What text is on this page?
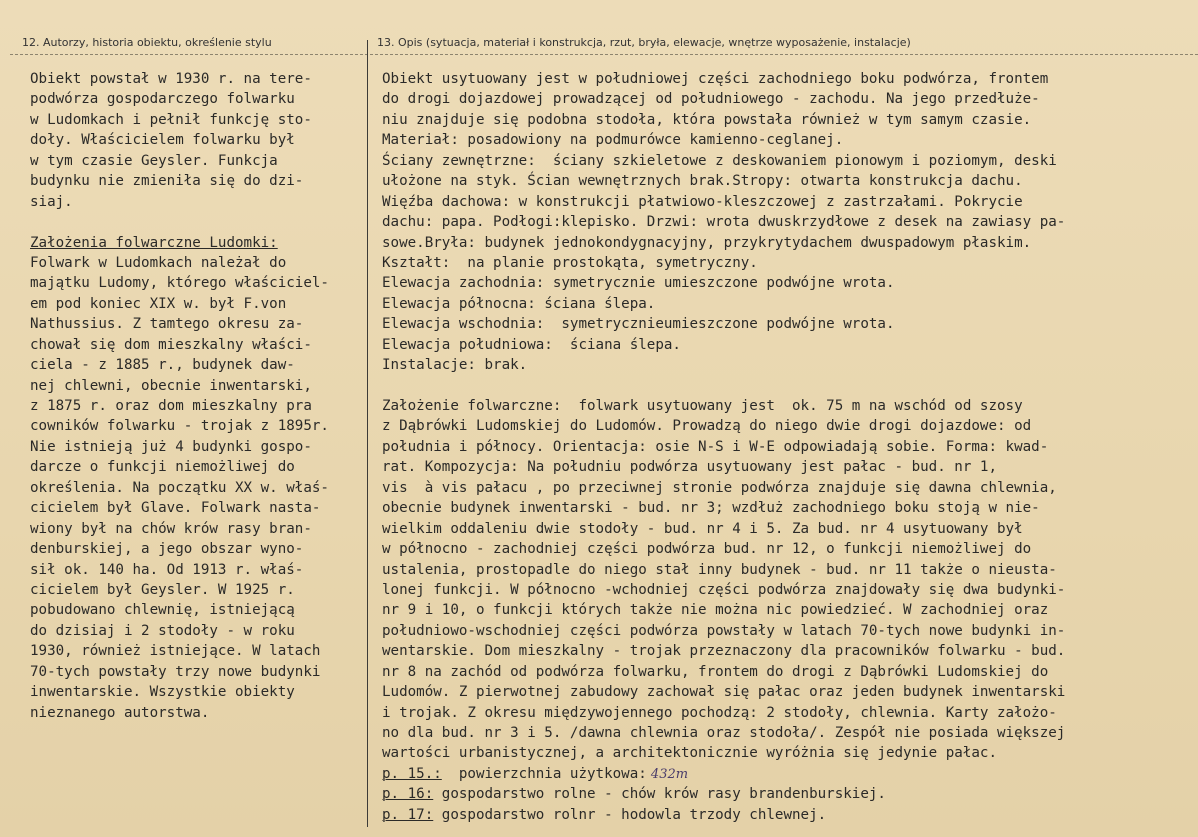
12. Autorzy, historia obiektu, określenie stylu	13. Opis (sytuacja, materiał i konstrukcja, rzut, bryła, elewacje, wnętrze wyposażenie, instalacje)
Obiekt powstał w 1930 r. na tere-
podwórza gospodarczego folwarku
w Ludomkach i pełnił funkcję sto-
doły. Właścicielem folwarku był
w tym czasie Geysler. Funkcja
budynku nie zmieniła się do dzi-
siaj.
Założenia folwarczne Ludomki:
Folwark w Ludomkach należał do
majątku Ludomy, którego właściciel-
em pod koniec XIX w. był F.von
Nathussius. Z tamtego okresu za-
chował się dom mieszkalny właści-
ciela - z 1885 r., budynek daw-
nej chlewni, obecnie inwentarski,
z 1875 r. oraz dom mieszkalny pra
cowników folwarku - trojak z 1895r.
Nie istnieją już 4 budynki gospo-
darcze o funkcji niemożliwej do
określenia. Na początku XX w. właś-
cicielem był Glave. Folwark nasta-
wiony był na chów krów rasy bran-
denburskiej, a jego obszar wyno-
sił ok. 140 ha. Od 1913 r. właś-
cicielem był Geysler. W 1925 r.
pobudowano chlewnię, istniejącą
do dzisiaj i 2 stodoły - w roku
1930, również istniejące. W latach
70-tych powstały trzy nowe budynki
inwentarskie. Wszystkie obiekty
nieznanego autorstwa.
Obiekt usytuowany jest w południowej części zachodniego boku podwórza, frontem
do drogi dojazdowej prowadzącej od południowego - zachodu. Na jego przedłuże-
niu znajduje się podobna stodoła, która powstała również w tym samym czasie.
Materiał: posadowiony na podmurówce kamienno-ceglanej.
Ściany zewnętrzne:  ściany szkieletowe z deskowaniem pionowym i poziomym, deski
ułożone na styk. Ścian wewnętrznych brak.Stropy: otwarta konstrukcja dachu.
Więźba dachowa: w konstrukcji płatwiowo-kleszczowej z zastrzałami. Pokrycie
dachu: papa. Podłogi:klepisko. Drzwi: wrota dwuskrzydłowe z desek na zawiasy pa-
sowe.Bryła: budynek jednokondygnacyjny, przykrytydachem dwuspadowym płaskim.
Kształt:  na planie prostokąta, symetryczny.
Elewacja zachodnia: symetrycznie umieszczone podwójne wrota.
Elewacja północna: ściana ślepa.
Elewacja wschodnia:  symetrycznieumieszczone podwójne wrota.
Elewacja południowa:  ściana ślepa.
Instalacje: brak.
Założenie folwarczne:  folwark usytuowany jest  ok. 75 m na wschód od szosy
z Dąbrówki Ludomskiej do Ludomów. Prowadzą do niego dwie drogi dojazdowe: od
południa i północy. Orientacja: osie N-S i W-E odpowiadają sobie. Forma: kwad-
rat. Kompozycja: Na południu podwórza usytuowany jest pałac - bud. nr 1,
vis  à vis pałacu , po przeciwnej stronie podwórza znajduje się dawna chlewnia,
obecnie budynek inwentarski - bud. nr 3; wzdłuż zachodniego boku stoją w nie-
wielkim oddaleniu dwie stodoły - bud. nr 4 i 5. Za bud. nr 4 usytuowany był
w północno - zachodniej części podwórza bud. nr 12, o funkcji niemożliwej do
ustalenia, prostopadle do niego stał inny budynek - bud. nr 11 także o nieusta-
lonej funkcji. W północno -wchodniej części podwórza znajdowały się dwa budynki-
nr 9 i 10, o funkcji których także nie można nic powiedzieć. W zachodniej oraz
południowo-wschodniej części podwórza powstały w latach 70-tych nowe budynki in-
wentarskie. Dom mieszkalny - trojak przeznaczony dla pracowników folwarku - bud.
nr 8 na zachód od podwórza folwarku, frontem do drogi z Dąbrówki Ludomskiej do
Ludomów. Z pierwotnej zabudowy zachował się pałac oraz jeden budynek inwentarski
i trojak. Z okresu międzywojennego pochodzą: 2 stodoły, chlewnia. Karty założo-
no dla bud. nr 3 i 5. /dawna chlewnia oraz stodoła/. Zespół nie posiada większej
wartości urbanistycznej, a architektonicznie wyróżnia się jedynie pałac.
p. 15.:  powierzchnia użytkowa: 432m
p. 16: gospodarstwo rolne - chów krów rasy brandenburskiej.
p. 17: gospodarstwo rolnr - hodowla trzody chlewnej.
